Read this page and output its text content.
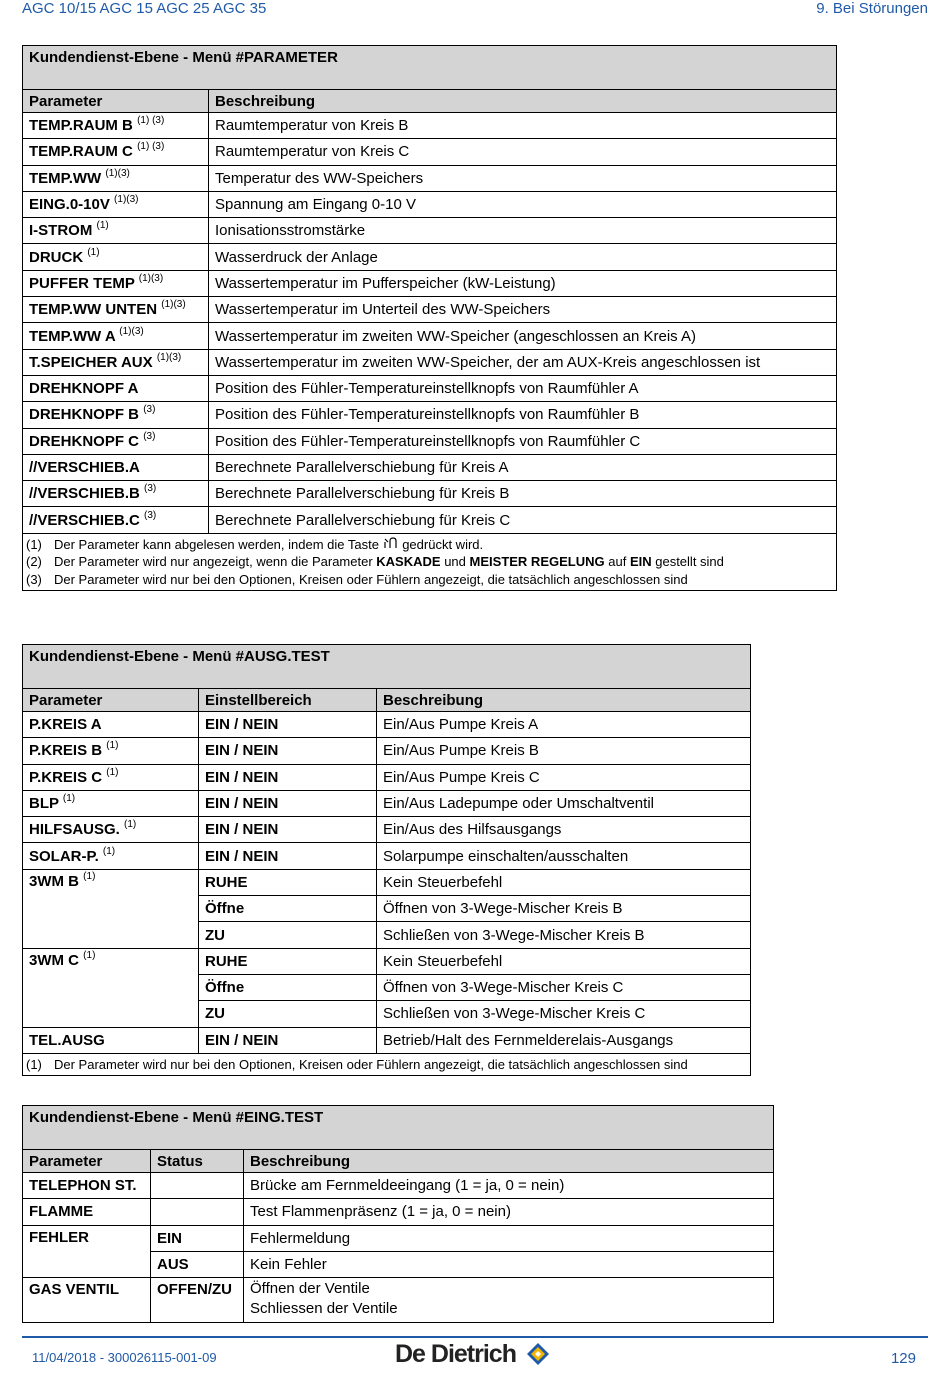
AGC 10/15 AGC 15 AGC 25 AGC 35	9. Bei Störungen
Kundendienst-Ebene - Menü #PARAMETER	
Parameter	Beschreibung
TEMP.RAUM B $^{(1) (3)}$	Raumtemperatur von Kreis B
TEMP.RAUM C $^{(1) (3)}$	Raumtemperatur von Kreis C
TEMP.WW $^{(1)(3)}$	Temperatur des WW-Speichers
EING.0-10V $^{(1)(3)}$	Spannung am Eingang 0-10 V
I-STROM $^{(1)}$	Ionisationsstromstärke
DRUCK $^{(1)}$	Wasserdruck der Anlage
PUFFER TEMP $^{(1)(3)}$	Wassertemperatur im Pufferspeicher (kW-Leistung)
TEMP.WW UNTEN $^{(1)(3)}$	Wassertemperatur im Unterteil des WW-Speichers
TEMP.WW A $^{(1)(3)}$	Wassertemperatur im zweiten WW-Speicher (angeschlossen an Kreis A)
T.SPEICHER AUX $^{(1)(3)}$	Wassertemperatur im zweiten WW-Speicher, der am AUX-Kreis angeschlossen ist
DREHKNOPF A	Position des Fühler-Temperatureinstellknopfs von Raumfühler A
DREHKNOPF B $^{(3)}$	Position des Fühler-Temperatureinstellknopfs von Raumfühler B
DREHKNOPF C $^{(3)}$	Position des Fühler-Temperatureinstellknopfs von Raumfühler C
//VERSCHIEB.A	Berechnete Parallelverschiebung für Kreis A
//VERSCHIEB.B $^{(3)}$	Berechnete Parallelverschiebung für Kreis B
//VERSCHIEB.C $^{(3)}$	Berechnete Parallelverschiebung für Kreis C

(1) Der Parameter kann abgelesen werden, indem die Taste gedrückt wird.
(2) Der Parameter wird nur angezeigt, wenn die Parameter KASKADE und MEISTER REGELUNG auf EIN gestellt sind
(3) Der Parameter wird nur bei den Optionen, Kreisen oder Fühlern angezeigt, die tatsächlich angeschlossen sind	
Kundendienst-Ebene - Menü #AUSG.TEST		
Parameter	Einstellbereich	Beschreibung
P.KREIS A	EIN / NEIN	Ein/Aus Pumpe Kreis A
P.KREIS B $^{(1)}$	EIN / NEIN	Ein/Aus Pumpe Kreis B
P.KREIS C $^{(1)}$	EIN / NEIN	Ein/Aus Pumpe Kreis C
BLP $^{(1)}$	EIN / NEIN	Ein/Aus Ladepumpe oder Umschaltventil
HILFSAUSG. $^{(1)}$	EIN / NEIN	Ein/Aus des Hilfsausgangs
SOLAR-P. $^{(1)}$	EIN / NEIN	Solarpumpe einschalten/ausschalten
3WM B $^{(1)}$	RUHE	Kein Steuerbefehl
	Öffne	Öffnen von 3-Wege-Mischer Kreis B
	ZU	Schließen von 3-Wege-Mischer Kreis B
3WM C $^{(1)}$	RUHE	Kein Steuerbefehl
	Öffne	Öffnen von 3-Wege-Mischer Kreis C
	ZU	Schließen von 3-Wege-Mischer Kreis C
TEL.AUSG	EIN / NEIN	Betrieb/Halt des Fernmelderelais-Ausgangs

(1) Der Parameter wird nur bei den Optionen, Kreisen oder Fühlern angezeigt, die tatsächlich angeschlossen sind		
Kundendienst-Ebene - Menü #EING.TEST		
Parameter	Status	Beschreibung
TELEPHON ST.		Brücke am Fernmeldeeingang (1 = ja, 0 = nein)
FLAMME		Test Flammenpräsenz (1 = ja, 0 = nein)
FEHLER	EIN	Fehlermeldung
	AUS	Kein Fehler
GAS VENTIL	OFFEN/ZU	Öffnen der Ventile
Schliessen der Ventile
11/04/2018 - 300026115-001-09	De Dietrich	129
